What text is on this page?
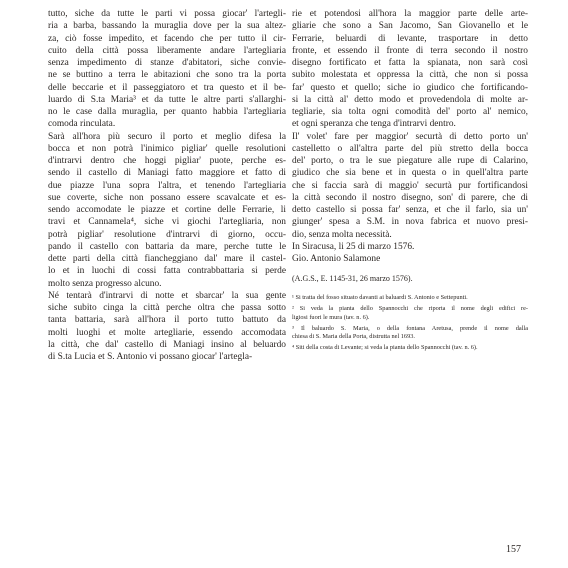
tutto, siche da tutte le parti vi possa giocar' l'artegli-
ria a barba, bassando la muraglia dove per la sua altez-
za, ciò fosse impedito, et facendo che per tutto il cir-
cuito della città possa liberamente andare l'artegliaria
senza impedimento di stanze d'abitatori, siche convie-
ne se buttino a terra le abitazioni che sono tra la porta
delle beccarie et il passeggiatoro et tra questo et il be-
luardo di S.ta Maria³ et da tutte le altre parti s'allarghi-
no le case dalla muraglia, per quanto habbia l'artegliaria
comoda rinculata.
Sarà all'hora più securo il porto et meglio difesa la
bocca et non potrà l'inimico pigliar' quelle resolutioni
d'intrarvi dentro che hoggi pigliar' puote, perche es-
sendo il castello di Maniagi fatto maggiore et fatto di
due piazze l'una sopra l'altra, et tenendo l'artegliaria
sue coverte, siche non possano essere scavalcate et es-
sendo accomodate le piazze et cortine delle Ferrarie, li
travi et Cannamela⁴, siche vi giochi l'artegliaria, non
potrà pigliar' resolutione d'intrarvi di giorno, occu-
pando il castello con battaria da mare, perche tutte le
dette parti della città fiancheggiano dal' mare il castel-
lo et in luochi di cossi fatta contrabbattaria si perde
molto senza progresso alcuno.
Né tentarà d'intrarvi di notte et sbarcar' la sua gente
siche subito cinga la città perche oltra che passa sotto
tanta battaria, sarà all'hora il porto tutto battuto da
molti luoghi et molte artegliarie, essendo accomodata
la città, che dal' castello di Maniagi insino al beluardo
di S.ta Lucia et S. Antonio vi possano giocar' l'artegla-
rie et potendosi all'hora la maggior parte delle arte-
gliarie che sono a San Jacomo, San Giovanello et le
Ferrarie, beluardi di levante, trasportare in detto
fronte, et essendo il fronte di terra secondo il nostro
disegno fortificato et fatta la spianata, non sarà così
subito molestata et oppressa la città, che non si possa
far' questo et quello; siche io giudico che fortificando-
si la città al' detto modo et provedendola di molte ar-
tegliarie, sia tolta ogni comodità del' porto al' nemico,
et ogni speranza che tenga d'intrarvi dentro.
Il' volet' fare per maggior' securtà di detto porto un'
castelletto o all'altra parte del più stretto della bocca
del' porto, o tra le sue piegature alle rupe di Calarino,
giudico che sia bene et in questa o in quell'altra parte
che si faccia sarà di maggio' securtà pur fortificandosi
la città secondo il nostro disegno, son' di parere, che di
detto castello si possa far' senza, et che il farlo, sia un'
giunger' spesa a S.M. in nova fabrica et nuovo presi-
dio, senza molta necessità.
In Siracusa, li 25 di marzo 1576.
Gio. Antonio Salamone
(A.G.S., E. 1145-31, 26 marzo 1576).
¹ Si tratta del fosso situato davanti ai baluardi S. Antonio e Settepunti.
² Si veda la pianta dello Spannocchi che riporta il nome degli edifici re-
ligiosi fuori le mura (tav. n. 6).
³ Il baluardo S. Maria, o della fontana Aretusa, prende il nome dalla
chiesa di S. Maria della Porta, distrutta nel 1693.
⁴ Siti della costa di Levante; si veda la pianta dello Spannocchi (tav. n. 6).
157
